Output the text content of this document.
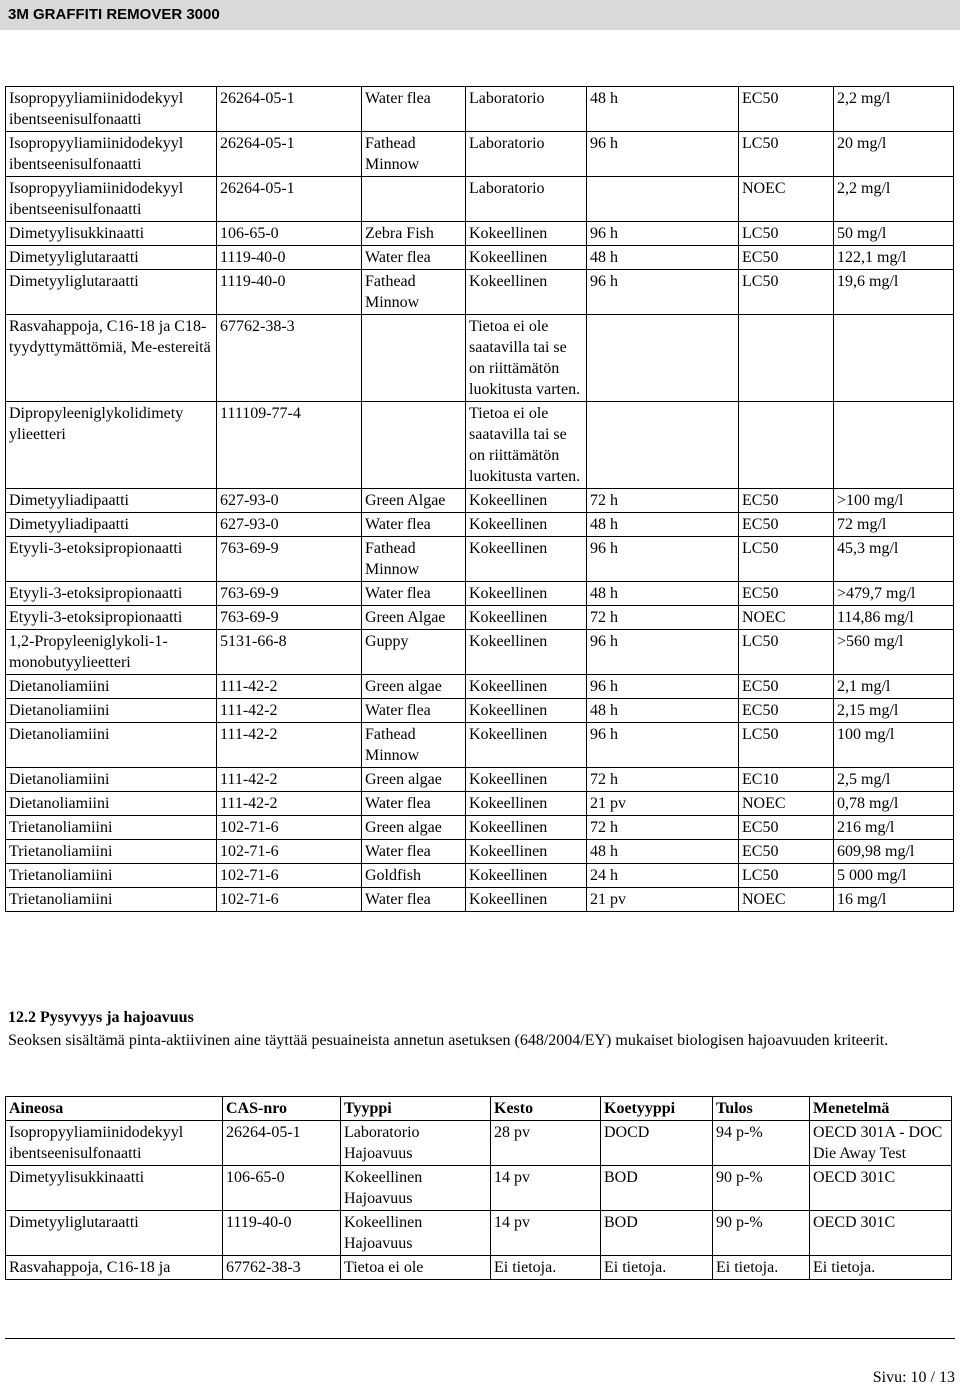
3M GRAFFITI REMOVER 3000
Isopropyyliamiinidodekyyl ibentseenisulfonaatti	26264-05-1	Water flea	Laboratorio	48 h	EC50	2,2 mg/l
Isopropyyliamiinidodekyyl ibentseenisulfonaatti	26264-05-1	Fathead Minnow	Laboratorio	96 h	LC50	20 mg/l
Isopropyyliamiinidodekyyl ibentseenisulfonaatti	26264-05-1		Laboratorio		NOEC	2,2 mg/l
Dimetyylisukkinaatti	106-65-0	Zebra Fish	Kokeellinen	96 h	LC50	50 mg/l
Dimetyyliglutaraatti	1119-40-0	Water flea	Kokeellinen	48 h	EC50	122,1 mg/l
Dimetyyliglutaraatti	1119-40-0	Fathead Minnow	Kokeellinen	96 h	LC50	19,6 mg/l
Rasvahappoja, C16-18 ja C18-tyydyttymättömiä, Me-estereitä	67762-38-3		Tietoa ei ole saatavilla tai se on riittämätön luokitusta varten.			
Dipropyleeniglykolidimety ylieetteri	111109-77-4		Tietoa ei ole saatavilla tai se on riittämätön luokitusta varten.			
Dimetyyliadipaatti	627-93-0	Green Algae	Kokeellinen	72 h	EC50	>100 mg/l
Dimetyyliadipaatti	627-93-0	Water flea	Kokeellinen	48 h	EC50	72 mg/l
Etyyli-3-etoksipropionaatti	763-69-9	Fathead Minnow	Kokeellinen	96 h	LC50	45,3 mg/l
Etyyli-3-etoksipropionaatti	763-69-9	Water flea	Kokeellinen	48 h	EC50	>479,7 mg/l
Etyyli-3-etoksipropionaatti	763-69-9	Green Algae	Kokeellinen	72 h	NOEC	114,86 mg/l
1,2-Propyleeniglykoli-1- monobutyylieetteri	5131-66-8	Guppy	Kokeellinen	96 h	LC50	>560 mg/l
Dietanoliamiini	111-42-2	Green algae	Kokeellinen	96 h	EC50	2,1 mg/l
Dietanoliamiini	111-42-2	Water flea	Kokeellinen	48 h	EC50	2,15 mg/l
Dietanoliamiini	111-42-2	Fathead Minnow	Kokeellinen	96 h	LC50	100 mg/l
Dietanoliamiini	111-42-2	Green algae	Kokeellinen	72 h	EC10	2,5 mg/l
Dietanoliamiini	111-42-2	Water flea	Kokeellinen	21 pv	NOEC	0,78 mg/l
Trietanoliamiini	102-71-6	Green algae	Kokeellinen	72 h	EC50	216 mg/l
Trietanoliamiini	102-71-6	Water flea	Kokeellinen	48 h	EC50	609,98 mg/l
Trietanoliamiini	102-71-6	Goldfish	Kokeellinen	24 h	LC50	5 000 mg/l
Trietanoliamiini	102-71-6	Water flea	Kokeellinen	21 pv	NOEC	16 mg/l
12.2 Pysyvyys ja hajoavuus
Seoksen sisältämä pinta-aktiivinen aine täyttää pesuaineista annetun asetuksen (648/2004/EY) mukaiset biologisen hajoavuuden kriteerit.
Aineosa	CAS-nro	Tyyppi	Kesto	Koetyyppi	Tulos	Menetelmä
Isopropyyliamiinidodekyyl ibentseenisulfonaatti	26264-05-1	Laboratorio Hajoavuus	28 pv	DOCD	94 p-%	OECD 301A - DOC Die Away Test
Dimetyylisukkinaatti	106-65-0	Kokeellinen Hajoavuus	14 pv	BOD	90 p-%	OECD 301C
Dimetyyliglutaraatti	1119-40-0	Kokeellinen Hajoavuus	14 pv	BOD	90 p-%	OECD 301C
Rasvahappoja, C16-18 ja	67762-38-3	Tietoa ei ole	Ei tietoja.	Ei tietoja.	Ei tietoja.	Ei tietoja.
Sivu: 10 / 13
